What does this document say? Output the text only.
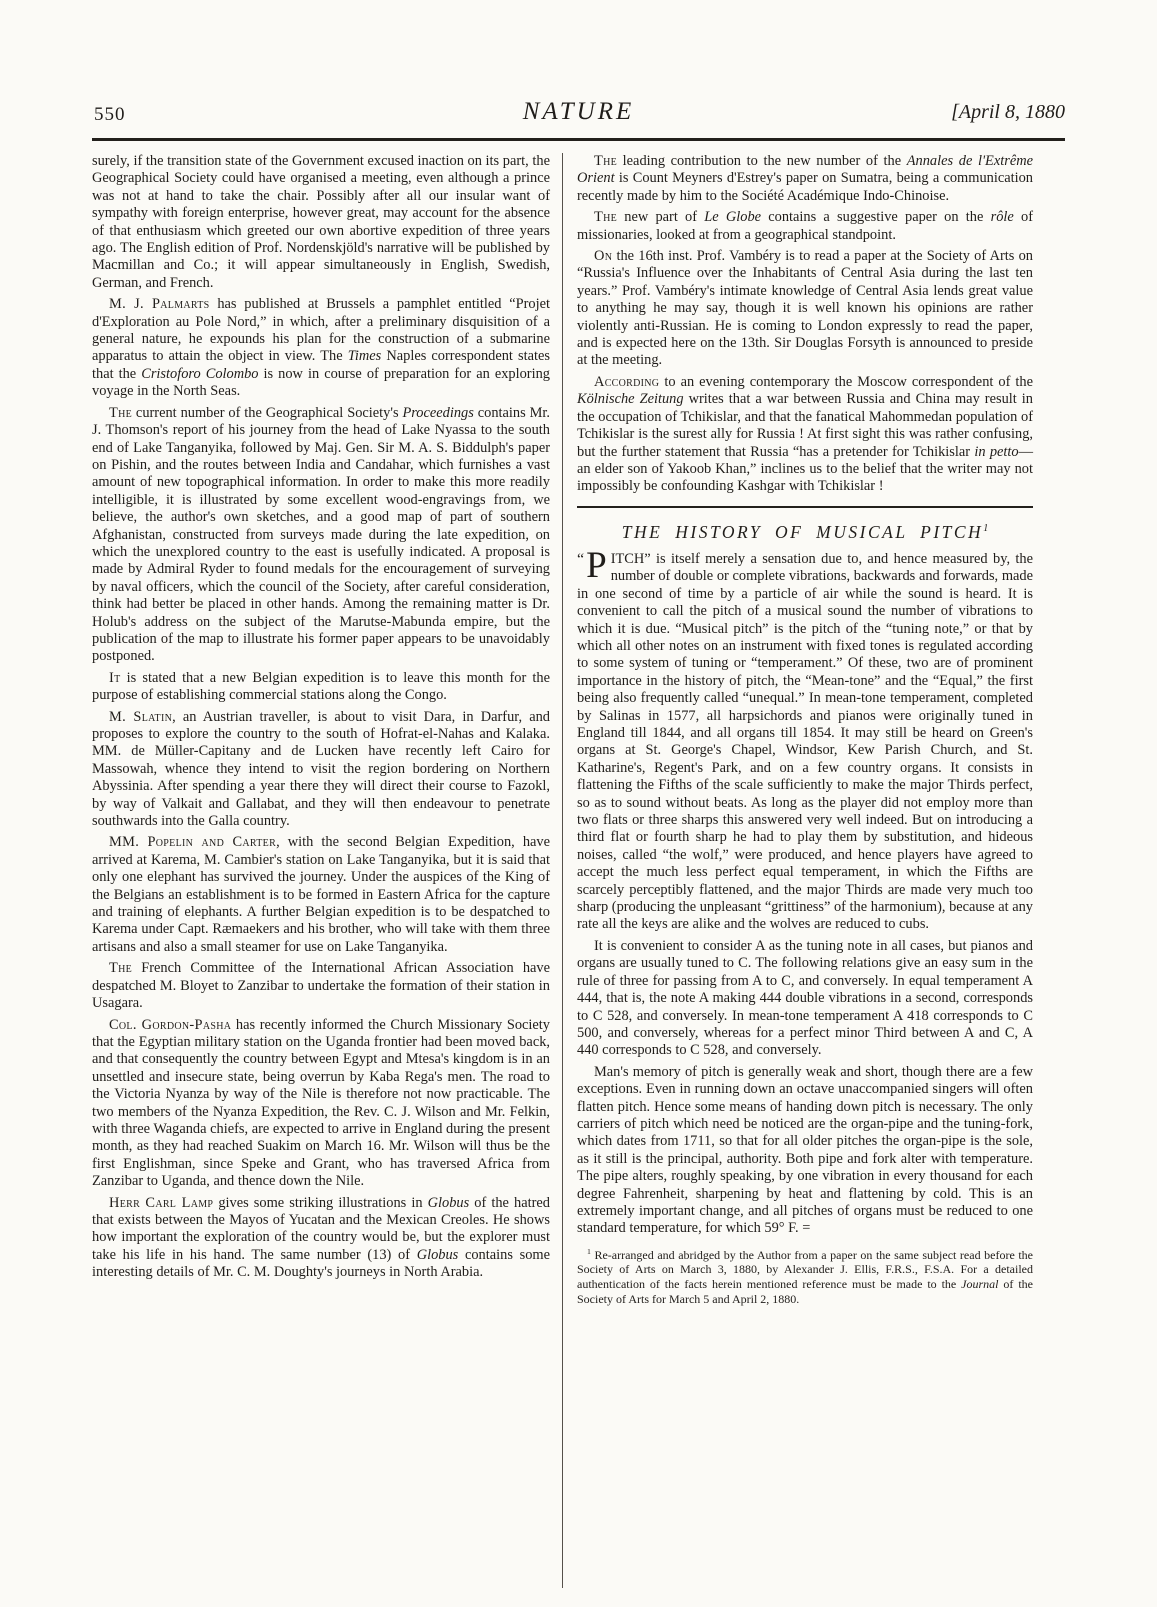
550	NATURE	[April 8, 1880

surely, if the transition state of the Government excused inaction on its part, the Geographical Society could have organised a meeting, even although a prince was not at hand to take the chair. Possibly after all our insular want of sympathy with foreign enterprise, however great, may account for the absence of that enthusiasm which greeted our own abortive expedition of three years ago. The English edition of Prof. Nordenskjöld's narrative will be published by Macmillan and Co.; it will appear simultaneously in English, Swedish, German, and French.

M. J. Palmarts has published at Brussels a pamphlet entitled “Projet d'Exploration au Pole Nord,” in which, after a preliminary disquisition of a general nature, he expounds his plan for the construction of a submarine apparatus to attain the object in view. The Times Naples correspondent states that the Cristoforo Colombo is now in course of preparation for an exploring voyage in the North Seas.

The current number of the Geographical Society's Proceedings contains Mr. J. Thomson's report of his journey from the head of Lake Nyassa to the south end of Lake Tanganyika, followed by Maj. Gen. Sir M. A. S. Biddulph's paper on Pishin, and the routes between India and Candahar, which furnishes a vast amount of new topographical information. In order to make this more readily intelligible, it is illustrated by some excellent wood-engravings from, we believe, the author's own sketches, and a good map of part of southern Afghanistan, constructed from surveys made during the late expedition, on which the unexplored country to the east is usefully indicated. A proposal is made by Admiral Ryder to found medals for the encouragement of surveying by naval officers, which the council of the Society, after careful consideration, think had better be placed in other hands. Among the remaining matter is Dr. Holub's address on the subject of the Marutse-Mabunda empire, but the publication of the map to illustrate his former paper appears to be unavoidably postponed.

It is stated that a new Belgian expedition is to leave this month for the purpose of establishing commercial stations along the Congo.

M. Slatin, an Austrian traveller, is about to visit Dara, in Darfur, and proposes to explore the country to the south of Hofrat-el-Nahas and Kalaka. MM. de Müller-Capitany and de Lucken have recently left Cairo for Massowah, whence they intend to visit the region bordering on Northern Abyssinia. After spending a year there they will direct their course to Fazokl, by way of Valkait and Gallabat, and they will then endeavour to penetrate southwards into the Galla country.

MM. Popelin and Carter, with the second Belgian Expedition, have arrived at Karema, M. Cambier's station on Lake Tanganyika, but it is said that only one elephant has survived the journey. Under the auspices of the King of the Belgians an establishment is to be formed in Eastern Africa for the capture and training of elephants. A further Belgian expedition is to be despatched to Karema under Capt. Ræmaekers and his brother, who will take with them three artisans and also a small steamer for use on Lake Tanganyika.

The French Committee of the International African Association have despatched M. Bloyet to Zanzibar to undertake the formation of their station in Usagara.

Col. Gordon-Pasha has recently informed the Church Missionary Society that the Egyptian military station on the Uganda frontier had been moved back, and that consequently the country between Egypt and Mtesa's kingdom is in an unsettled and insecure state, being overrun by Kaba Rega's men. The road to the Victoria Nyanza by way of the Nile is therefore not now practicable. The two members of the Nyanza Expedition, the Rev. C. J. Wilson and Mr. Felkin, with three Waganda chiefs, are expected to arrive in England during the present month, as they had reached Suakim on March 16. Mr. Wilson will thus be the first Englishman, since Speke and Grant, who has traversed Africa from Zanzibar to Uganda, and thence down the Nile.

Herr Carl Lamp gives some striking illustrations in Globus of the hatred that exists between the Mayos of Yucatan and the Mexican Creoles. He shows how important the exploration of the country would be, but the explorer must take his life in his hand. The same number (13) of Globus contains some interesting details of Mr. C. M. Doughty's journeys in North Arabia.

The leading contribution to the new number of the Annales de l'Extrême Orient is Count Meyners d'Estrey's paper on Sumatra, being a communication recently made by him to the Société Académique Indo-Chinoise.

The new part of Le Globe contains a suggestive paper on the rôle of missionaries, looked at from a geographical standpoint.

On the 16th inst. Prof. Vambéry is to read a paper at the Society of Arts on “Russia's Influence over the Inhabitants of Central Asia during the last ten years.” Prof. Vambéry's intimate knowledge of Central Asia lends great value to anything he may say, though it is well known his opinions are rather violently anti-Russian. He is coming to London expressly to read the paper, and is expected here on the 13th. Sir Douglas Forsyth is announced to preside at the meeting.

According to an evening contemporary the Moscow correspondent of the Kölnische Zeitung writes that a war between Russia and China may result in the occupation of Tchikislar, and that the fanatical Mahommedan population of Tchikislar is the surest ally for Russia ! At first sight this was rather confusing, but the further statement that Russia “has a pretender for Tchikislar in petto—an elder son of Yakoob Khan,” inclines us to the belief that the writer may not impossibly be confounding Kashgar with Tchikislar !

THE HISTORY OF MUSICAL PITCH$^1$

“ P ITCH” is itself merely a sensation due to, and hence measured by, the number of double or complete vibrations, backwards and forwards, made in one second of time by a particle of air while the sound is heard. It is convenient to call the pitch of a musical sound the number of vibrations to which it is due. “Musical pitch” is the pitch of the “tuning note,” or that by which all other notes on an instrument with fixed tones is regulated according to some system of tuning or “temperament.” Of these, two are of prominent importance in the history of pitch, the “Mean-tone” and the “Equal,” the first being also frequently called “unequal.” In mean-tone temperament, completed by Salinas in 1577, all harpsichords and pianos were originally tuned in England till 1844, and all organs till 1854. It may still be heard on Green's organs at St. George's Chapel, Windsor, Kew Parish Church, and St. Katharine's, Regent's Park, and on a few country organs. It consists in flattening the Fifths of the scale sufficiently to make the major Thirds perfect, so as to sound without beats. As long as the player did not employ more than two flats or three sharps this answered very well indeed. But on introducing a third flat or fourth sharp he had to play them by substitution, and hideous noises, called “the wolf,” were produced, and hence players have agreed to accept the much less perfect equal temperament, in which the Fifths are scarcely perceptibly flattened, and the major Thirds are made very much too sharp (producing the unpleasant “grittiness” of the harmonium), because at any rate all the keys are alike and the wolves are reduced to cubs.

It is convenient to consider A as the tuning note in all cases, but pianos and organs are usually tuned to C. The following relations give an easy sum in the rule of three for passing from A to C, and conversely. In equal temperament A 444, that is, the note A making 444 double vibrations in a second, corresponds to C 528, and conversely. In mean-tone temperament A 418 corresponds to C 500, and conversely, whereas for a perfect minor Third between A and C, A 440 corresponds to C 528, and conversely.

Man's memory of pitch is generally weak and short, though there are a few exceptions. Even in running down an octave unaccompanied singers will often flatten pitch. Hence some means of handing down pitch is necessary. The only carriers of pitch which need be noticed are the organ-pipe and the tuning-fork, which dates from 1711, so that for all older pitches the organ-pipe is the sole, as it still is the principal, authority. Both pipe and fork alter with temperature. The pipe alters, roughly speaking, by one vibration in every thousand for each degree Fahrenheit, sharpening by heat and flattening by cold. This is an extremely important change, and all pitches of organs must be reduced to one standard temperature, for which 59° F. =

$^1$ Re-arranged and abridged by the Author from a paper on the same subject read before the Society of Arts on March 3, 1880, by Alexander J. Ellis, F.R.S., F.S.A. For a detailed authentication of the facts herein mentioned reference must be made to the Journal of the Society of Arts for March 5 and April 2, 1880.
